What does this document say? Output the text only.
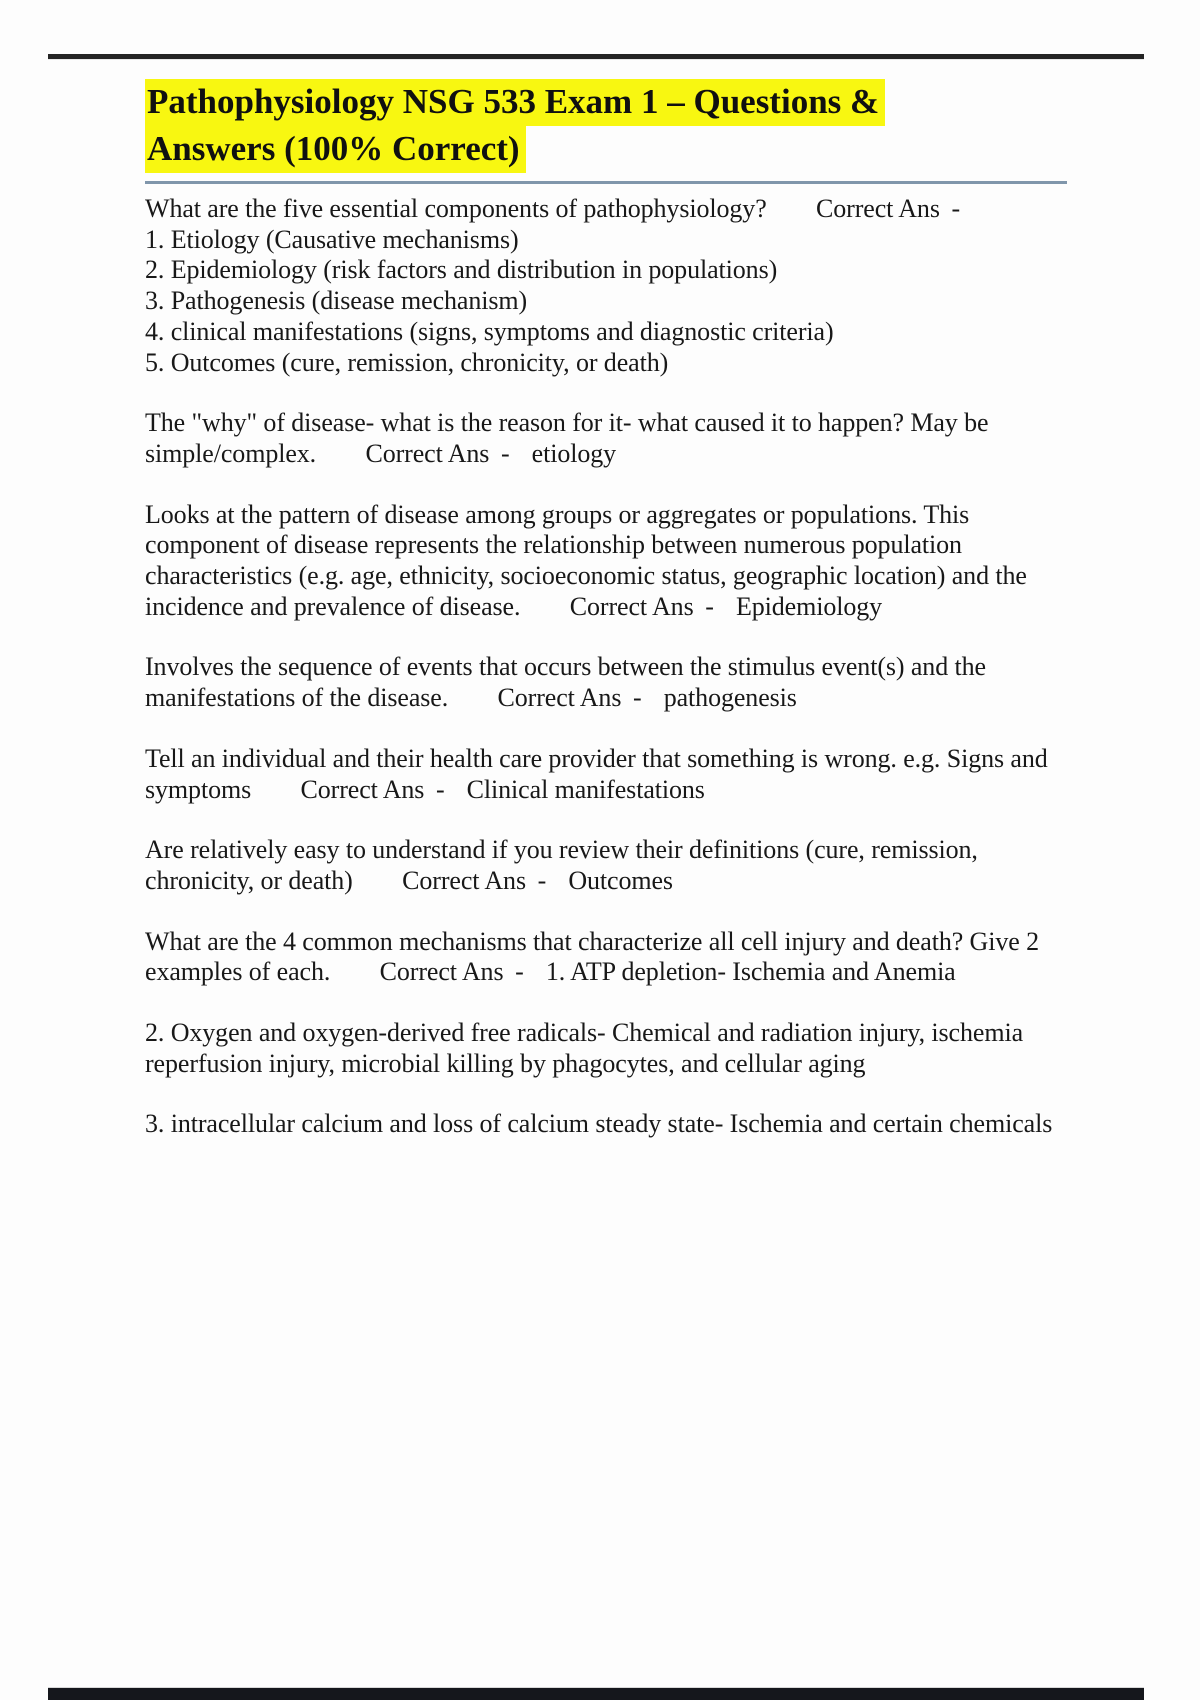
Pathophysiology NSG 533 Exam 1 – Questions &
Answers (100% Correct)

What are the five essential components of pathophysiology? Correct Ans -
1. Etiology (Causative mechanisms)
2. Epidemiology (risk factors and distribution in populations)
3. Pathogenesis (disease mechanism)
4. clinical manifestations (signs, symptoms and diagnostic criteria)
5. Outcomes (cure, remission, chronicity, or death)

The "why" of disease- what is the reason for it- what caused it to happen? May be simple/complex. Correct Ans - etiology

Looks at the pattern of disease among groups or aggregates or populations. This component of disease represents the relationship between numerous population characteristics (e.g. age, ethnicity, socioeconomic status, geographic location) and the incidence and prevalence of disease. Correct Ans - Epidemiology

Involves the sequence of events that occurs between the stimulus event(s) and the manifestations of the disease. Correct Ans - pathogenesis

Tell an individual and their health care provider that something is wrong. e.g. Signs and symptoms Correct Ans - Clinical manifestations

Are relatively easy to understand if you review their definitions (cure, remission, chronicity, or death) Correct Ans - Outcomes

What are the 4 common mechanisms that characterize all cell injury and death? Give 2 examples of each. Correct Ans - 1. ATP depletion- Ischemia and Anemia

2. Oxygen and oxygen-derived free radicals- Chemical and radiation injury, ischemia reperfusion injury, microbial killing by phagocytes, and cellular aging

3. intracellular calcium and loss of calcium steady state- Ischemia and certain chemicals
